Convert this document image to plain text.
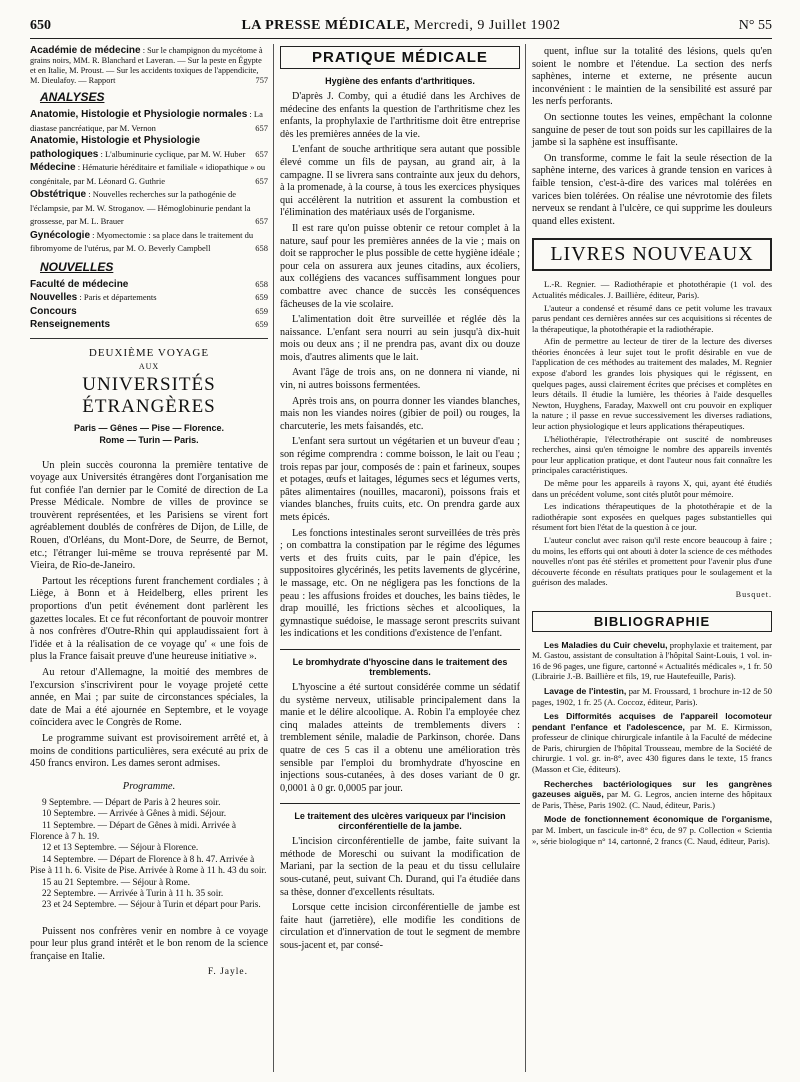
650	LA PRESSE MÉDICALE, Mercredi, 9 Juillet 1902	N° 55
Académie de médecine : Sur le champignon du mycétome à grains noirs, MM. R. Blanchard et Laveran. — Sur la peste en Égypte et en Italie, M. Proust. — Sur les accidents toxiques de l'appendicite, M. Dieulafoy. — Rapport	757
ANALYSES
Anatomie, Histologie et Physiologie normales : La diastase pancréatique, par M. Vernon	657
Anatomie, Histologie et Physiologie pathologiques : L'albuminurie cyclique, par M. W. Huber 657
Médecine : Hématurie héréditaire et familiale « idiopathique » ou congénitale, par M. Léonard G. Guthrie	657
Obstétrique : Nouvelles recherches sur la pathogénie de l'éclampsie, par M. W. Stroganov. — Hémoglobinurie pendant la grossesse, par M. L. Brauer	657
Gynécologie : Myomectomie : sa place dans le traitement du fibromyome de l'utérus, par M. O. Beverly Campbell	658
NOUVELLES
Faculté de médecine	658
Nouvelles : Paris et départements	659
Concours	659
Renseignements	659
DEUXIÈME VOYAGE
AUX
UNIVERSITÉS ÉTRANGÈRES
Paris — Gênes — Pise — Florence.
Rome — Turin — Paris.

Un plein succès couronna la première tentative de voyage aux Universités étrangères dont l'organisation me fut confiée l'an dernier par le Comité de direction de La Presse Médicale. Nombre de villes de province se trouvèrent représentées, et les Parisiens se virent fort agréablement doublés de confrères de Dijon, de Lille, de Rouen, d'Orléans, du Mont-Dore, de Seurre, de Bernot, etc.; l'étranger lui-même se trouva représenté par M. Vieira, de Rio-de-Janeiro.

Partout les réceptions furent franchement cordiales ; à Liège, à Bonn et à Heidelberg, elles prirent les proportions d'un petit événement dont parlèrent les gazettes locales. Et ce fut réconfortant de pouvoir montrer à nos confrères d'Outre-Rhin qui applaudissaient fort à l'idée et à la réalisation de ce voyage qu' « une fois de plus la France faisait preuve d'une heureuse initiative ».

Au retour d'Allemagne, la moitié des membres de l'excursion s'inscrivirent pour le voyage projeté cette année, en Mai ; par suite de circonstances spéciales, la date de Mai a été ajournée en Septembre, et le voyage coïncidera avec le Congrès de Rome.

Le programme suivant est provisoirement arrêté et, à moins de conditions particulières, sera exécuté au prix de 450 francs environ. Les dames seront admises.

Programme.
9 Septembre. — Départ de Paris à 2 heures soir.
10 Septembre. — Arrivée à Gênes à midi. Séjour.
11 Septembre. — Départ de Gênes à midi. Arrivée à Florence à 7 h. 19.
12 et 13 Septembre. — Séjour à Florence.
14 Septembre. — Départ de Florence à 8 h. 47. Arrivée à Pise à 11 h. 6. Visite de Pise. Arrivée à Rome à 11 h. 43 du soir.
15 au 21 Septembre. — Séjour à Rome.
22 Septembre. — Arrivée à Turin à 11 h. 35 soir.
23 et 24 Septembre. — Séjour à Turin et départ pour Paris.

Puissent nos confrères venir en nombre à ce voyage pour leur plus grand intérêt et le bon renom de la science française en Italie.

F. Jayle.
PRATIQUE MÉDICALE
Hygiène des enfants d'arthritiques.

D'après J. Comby, qui a étudié dans les Archives de médecine des enfants la question de l'arthritisme chez les enfants, la prophylaxie de l'arthritisme doit être entreprise dès les premières années de la vie.

L'enfant de souche arthritique sera autant que possible élevé comme un fils de paysan, au grand air, à la campagne. Il se livrera sans contrainte aux jeux du dehors, à la promenade, à la course, à tous les exercices physiques qui accélèrent la nutrition et assurent la combustion et l'élimination des matériaux usés de l'organisme.

Il est rare qu'on puisse obtenir ce retour complet à la nature, sauf pour les premières années de la vie ; mais on doit se rapprocher le plus possible de cette hygiène idéale ; pour cela on assurera aux jeunes citadins, aux écoliers, aux collégiens des vacances suffisamment longues pour combattre avec chance de succès les conséquences fâcheuses de la vie scolaire.

L'alimentation doit être surveillée et réglée dès la naissance. L'enfant sera nourri au sein jusqu'à dix-huit mois ou deux ans ; il ne prendra pas, avant dix ou douze mois, d'autres aliments que le lait.

Avant l'âge de trois ans, on ne donnera ni viande, ni vin, ni autres boissons fermentées.

Après trois ans, on pourra donner les viandes blanches, mais non les viandes noires (gibier de poil) ou rouges, la charcuterie, les mets faisandés, etc.

L'enfant sera surtout un végétarien et un buveur d'eau ; son régime comprendra : comme boisson, le lait ou l'eau ; trois repas par jour, composés de : pain et farineux, soupes et potages, œufs et laitages, légumes secs et légumes verts, pâtes alimentaires (nouilles, macaroni), poissons frais et viandes blanches, fruits cuits, etc. On prendra garde aux mets épicés.

Les fonctions intestinales seront surveillées de très près ; on combattra la constipation par le régime des légumes verts et des fruits cuits, par le pain d'épice, les suppositoires glycérinés, les petits lavements de glycérine, le massage, etc. On ne négligera pas les fonctions de la peau : les affusions froides et douches, les bains tièdes, le drap mouillé, les frictions sèches et alcooliques, la gymnastique suédoise, le massage seront prescrits suivant les indications et les conditions d'existence de l'enfant.

Le bromhydrate d'hyoscine dans le traitement des tremblements.

L'hyoscine a été surtout considérée comme un sédatif du système nerveux, utilisable principalement dans la manie et le délire alcoolique. A. Robin l'a employée chez cinq malades atteints de tremblements divers : tremblement sénile, maladie de Parkinson, chorée. Dans quatre de ces 5 cas il a obtenu une amélioration très sensible par l'emploi du bromhydrate d'hyoscine en injections sous-cutanées, à des doses variant de 0 gr. 0,0001 à 0 gr. 0,0005 par jour.

Le traitement des ulcères variqueux par l'incision circonférentielle de la jambe.

L'incision circonférentielle de jambe, faite suivant la méthode de Moreschi ou suivant la modification de Mariani, par la section de la peau et du tissu cellulaire sous-cutané, peut, suivant Ch. Durand, qui l'a étudiée dans sa thèse, donner d'excellents résultats.

Lorsque cette incision circonférentielle de jambe est faite haut (jarretière), elle modifie les conditions de circulation et d'innervation de tout le segment de membre sous-jacent et, par consé-

quent, influe sur la totalité des lésions, quels qu'en soient le nombre et l'étendue. La section des nerfs saphènes, interne et externe, ne présente aucun inconvénient : le maintien de la sensibilité est assuré par les nerfs perforants.

On sectionne toutes les veines, empêchant la colonne sanguine de peser de tout son poids sur les capillaires de la jambe si la saphène est insuffisante.

On transforme, comme le fait la seule résection de la saphène interne, des varices à grande tension en varices à faible tension, c'est-à-dire des varices mal tolérées en varices bien tolérées. On réalise une névrotomie des filets nerveux se rendant à l'ulcère, ce qui supprime les douleurs quand elles existent.

LIVRES NOUVEAUX

L.-R. Regnier. — Radiothérapie et photothérapie (1 vol. des Actualités médicales. J. Baillière, éditeur, Paris).

L'auteur a condensé et résumé dans ce petit volume les travaux parus pendant ces dernières années sur ces acquisitions si récentes de la thérapeutique, la photothérapie et la radiothérapie.

Afin de permettre au lecteur de tirer de la lecture des diverses théories énoncées à leur sujet tout le profit désirable en vue de l'application de ces méthodes au traitement des malades, M. Regnier expose d'abord les grandes lois physiques qui le régissent, en quelques pages, aussi clairement écrites que précises et complètes en leurs détails. Il étudie la lumière, les théories à l'aide desquelles Newton, Huyghens, Faraday, Maxwell ont cru pouvoir en expliquer la nature ; il passe en revue successivement les diverses radiations, leur action physiologique et leurs applications thérapeutiques.

L'héliothérapie, l'électrothérapie ont suscité de nombreuses recherches, ainsi qu'en témoigne le nombre des appareils inventés pour leur application pratique, et dont l'auteur nous fait connaître les principales caractéristiques.

De même pour les appareils à rayons X, qui, ayant été étudiés dans un précédent volume, sont cités plutôt pour mémoire.

Les indications thérapeutiques de la photothérapie et de la radiothérapie sont exposées en quelques pages substantielles qui résument fort bien l'état de la question à ce jour.

L'auteur conclut avec raison qu'il reste encore beaucoup à faire ; du moins, les efforts qui ont abouti à doter la science de ces méthodes nouvelles n'ont pas été stériles et promettent pour l'avenir plus d'une découverte féconde en résultats pratiques pour le soulagement et la guérison des malades.

Busquet.
BIBLIOGRAPHIE

Les Maladies du Cuir chevelu, prophylaxie et traitement, par M. Gastou, assistant de consultation à l'hôpital Saint-Louis, 1 vol. in-16 de 96 pages, une figure, cartonné « Actualités médicales », 1 fr. 50 (Librairie J.-B. Baillière et fils, 19, rue Hautefeuille, Paris).

Lavage de l'intestin, par M. Froussard, 1 brochure in-12 de 50 pages, 1902, 1 fr. 25 (A. Coccoz, éditeur, Paris).

Les Difformités acquises de l'appareil locomoteur pendant l'enfance et l'adolescence, par M. E. Kirmisson, professeur de clinique chirurgicale infantile à la Faculté de médecine de Paris, chirurgien de l'hôpital Trousseau, membre de la Société de chirurgie. 1 vol. gr. in-8°, avec 430 figures dans le texte, 15 francs (Masson et Cie, éditeurs).

Recherches bactériologiques sur les gangrènes gazeuses aiguës, par M. G. Legros, ancien interne des hôpitaux de Paris, Thèse, Paris 1902. (C. Naud, éditeur, Paris.)

Mode de fonctionnement économique de l'organisme, par M. Imbert, un fascicule in-8° écu, de 97 p. Collection « Scientia », série biologique n° 14, cartonné, 2 francs (C. Naud, éditeur, Paris).
